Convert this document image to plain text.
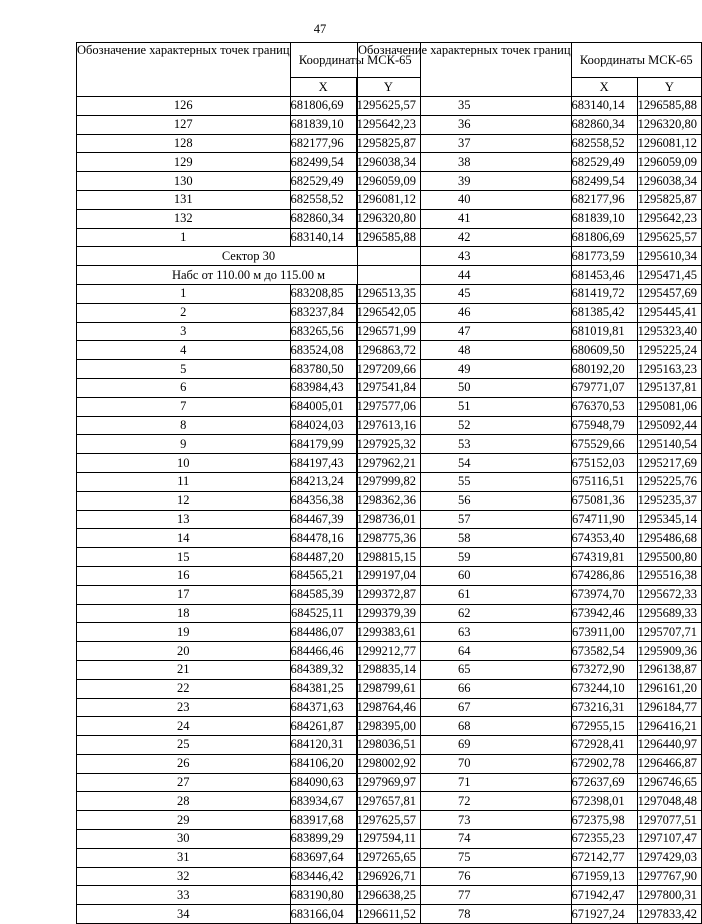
47
Обозначение характерных точек границ	Координаты МСК-65	
	X	Y
126	681806,69	1295625,57
127	681839,10	1295642,23
128	682177,96	1295825,87
129	682499,54	1296038,34
130	682529,49	1296059,09
131	682558,52	1296081,12
132	682860,34	1296320,80
1	683140,14	1296585,88
Сектор 30		
Набс от 110.00 м до 115.00 м		
1	683208,85	1296513,35
2	683237,84	1296542,05
3	683265,56	1296571,99
4	683524,08	1296863,72
5	683780,50	1297209,66
6	683984,43	1297541,84
7	684005,01	1297577,06
8	684024,03	1297613,16
9	684179,99	1297925,32
10	684197,43	1297962,21
11	684213,24	1297999,82
12	684356,38	1298362,36
13	684467,39	1298736,01
14	684478,16	1298775,36
15	684487,20	1298815,15
16	684565,21	1299197,04
17	684585,39	1299372,87
18	684525,11	1299379,39
19	684486,07	1299383,61
20	684466,46	1299212,77
21	684389,32	1298835,14
22	684381,25	1298799,61
23	684371,63	1298764,46
24	684261,87	1298395,00
25	684120,31	1298036,51
26	684106,20	1298002,92
27	684090,63	1297969,97
28	683934,67	1297657,81
29	683917,68	1297625,57
30	683899,29	1297594,11
31	683697,64	1297265,65
32	683446,42	1296926,71
33	683190,80	1296638,25
34	683166,04	1296611,52
Обозначение характерных точек границ	Координаты МСК-65	
	X	Y
35	683140,14	1296585,88
36	682860,34	1296320,80
37	682558,52	1296081,12
38	682529,49	1296059,09
39	682499,54	1296038,34
40	682177,96	1295825,87
41	681839,10	1295642,23
42	681806,69	1295625,57
43	681773,59	1295610,34
44	681453,46	1295471,45
45	681419,72	1295457,69
46	681385,42	1295445,41
47	681019,81	1295323,40
48	680609,50	1295225,24
49	680192,20	1295163,23
50	679771,07	1295137,81
51	676370,53	1295081,06
52	675948,79	1295092,44
53	675529,66	1295140,54
54	675152,03	1295217,69
55	675116,51	1295225,76
56	675081,36	1295235,37
57	674711,90	1295345,14
58	674353,40	1295486,68
59	674319,81	1295500,80
60	674286,86	1295516,38
61	673974,70	1295672,33
62	673942,46	1295689,33
63	673911,00	1295707,71
64	673582,54	1295909,36
65	673272,90	1296138,87
66	673244,10	1296161,20
67	673216,31	1296184,77
68	672955,15	1296416,21
69	672928,41	1296440,97
70	672902,78	1296466,87
71	672637,69	1296746,65
72	672398,01	1297048,48
73	672375,98	1297077,51
74	672355,23	1297107,47
75	672142,77	1297429,03
76	671959,13	1297767,90
77	671942,47	1297800,31
78	671927,24	1297833,42
